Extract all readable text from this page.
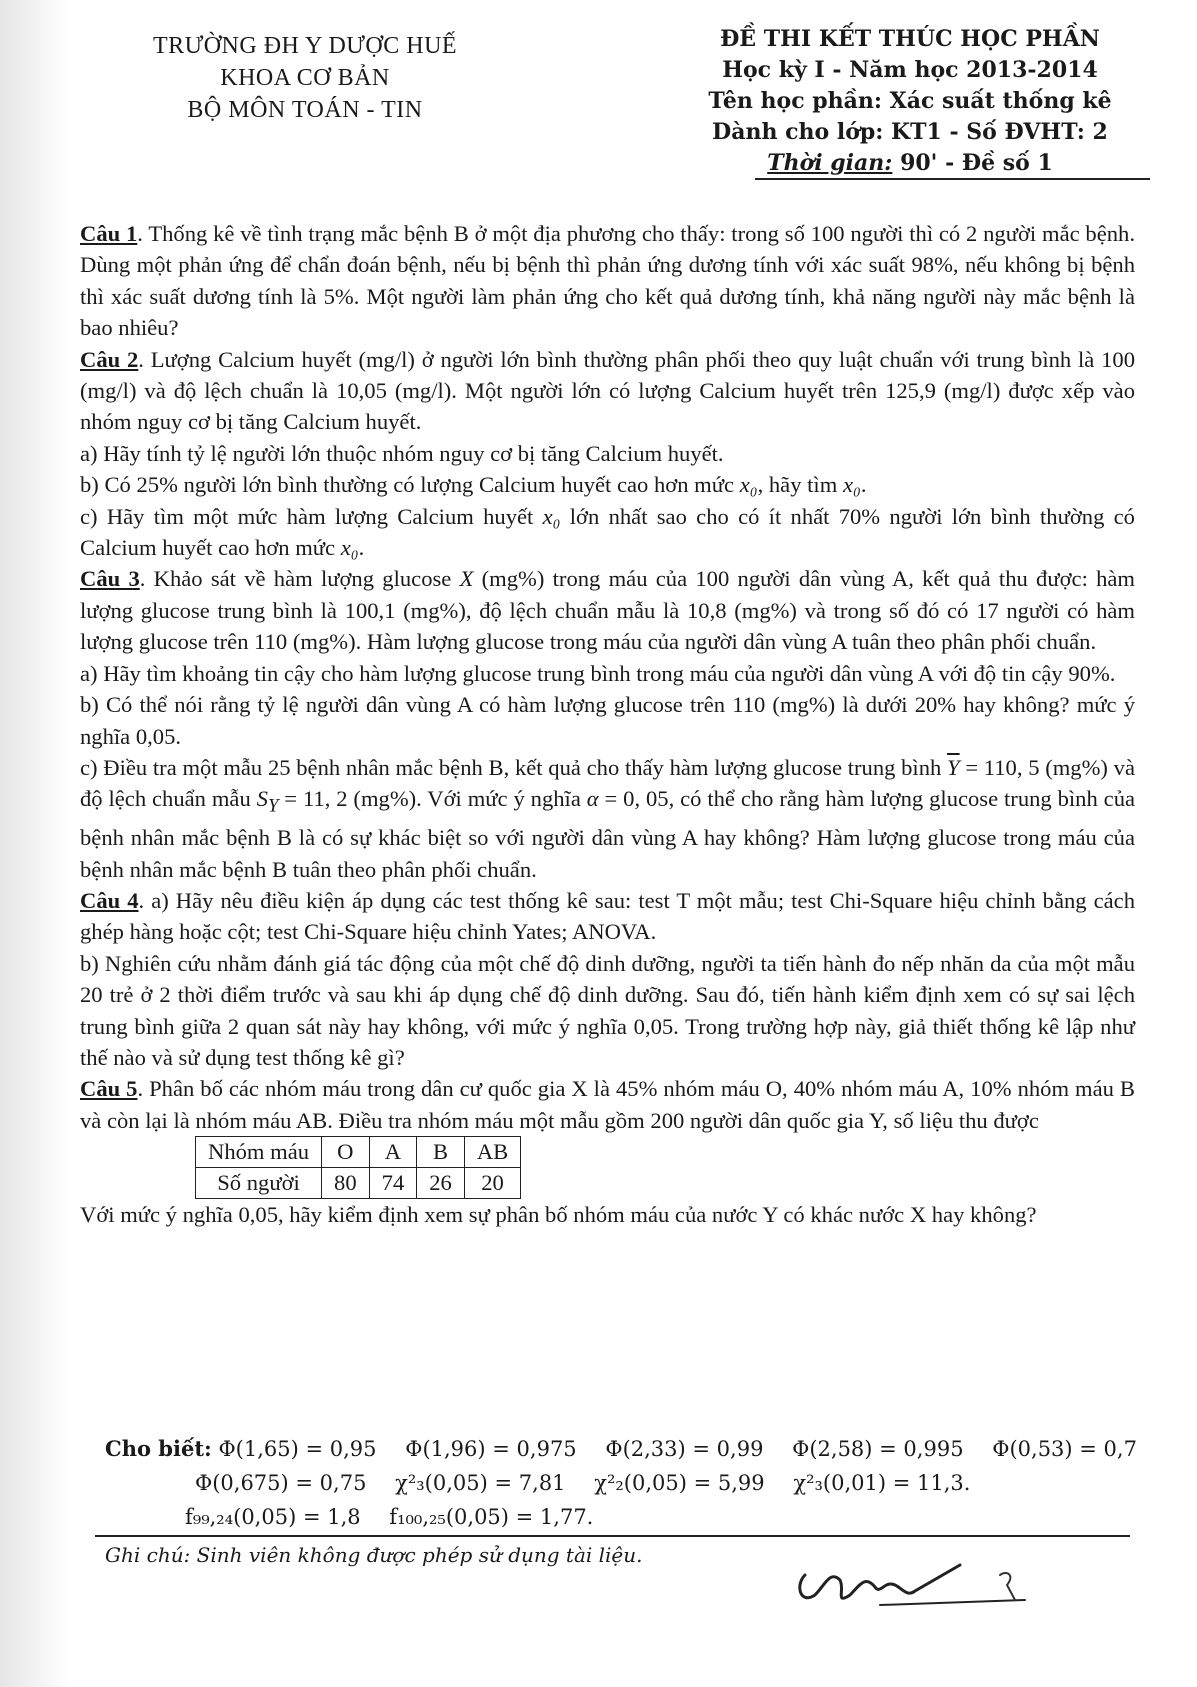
TRƯỜNG ĐH Y DƯỢC HUẾ
KHOA CƠ BẢN
BỘ MÔN TOÁN - TIN
ĐỀ THI KẾT THÚC HỌC PHẦN
Học kỳ I - Năm học 2013-2014
Tên học phần: Xác suất thống kê
Dành cho lớp: KT1 - Số ĐVHT: 2
Thời gian: 90' - Đề số 1

Câu 1. Thống kê về tình trạng mắc bệnh B ở một địa phương cho thấy: trong số 100 người thì có 2 người mắc bệnh. Dùng một phản ứng để chẩn đoán bệnh, nếu bị bệnh thì phản ứng dương tính với xác suất 98%, nếu không bị bệnh thì xác suất dương tính là 5%. Một người làm phản ứng cho kết quả dương tính, khả năng người này mắc bệnh là bao nhiêu?

Câu 2. Lượng Calcium huyết (mg/l) ở người lớn bình thường phân phối theo quy luật chuẩn với trung bình là 100 (mg/l) và độ lệch chuẩn là 10,05 (mg/l). Một người lớn có lượng Calcium huyết trên 125,9 (mg/l) được xếp vào nhóm nguy cơ bị tăng Calcium huyết.

a) Hãy tính tỷ lệ người lớn thuộc nhóm nguy cơ bị tăng Calcium huyết.

b) Có 25% người lớn bình thường có lượng Calcium huyết cao hơn mức x₀, hãy tìm x₀.

c) Hãy tìm một mức hàm lượng Calcium huyết x₀ lớn nhất sao cho có ít nhất 70% người lớn bình thường có Calcium huyết cao hơn mức x₀.

Câu 3. Khảo sát về hàm lượng glucose X (mg%) trong máu của 100 người dân vùng A, kết quả thu được: hàm lượng glucose trung bình là 100,1 (mg%), độ lệch chuẩn mẫu là 10,8 (mg%) và trong số đó có 17 người có hàm lượng glucose trên 110 (mg%). Hàm lượng glucose trong máu của người dân vùng A tuân theo phân phối chuẩn.

a) Hãy tìm khoảng tin cậy cho hàm lượng glucose trung bình trong máu của người dân vùng A với độ tin cậy 90%.

b) Có thể nói rằng tỷ lệ người dân vùng A có hàm lượng glucose trên 110 (mg%) là dưới 20% hay không? mức ý nghĩa 0,05.

c) Điều tra một mẫu 25 bệnh nhân mắc bệnh B, kết quả cho thấy hàm lượng glucose trung bình $\overline{Y} = 110$, 5 (mg%) và độ lệch chuẩn mẫu $S_Y = 11$, 2 (mg%). Với mức ý nghĩa α = 0, 05, có thể cho rằng hàm lượng glucose trung bình của bệnh nhân mắc bệnh B là có sự khác biệt so với người dân vùng A hay không? Hàm lượng glucose trong máu của bệnh nhân mắc bệnh B tuân theo phân phối chuẩn.

Câu 4. a) Hãy nêu điều kiện áp dụng các test thống kê sau: test T một mẫu; test Chi-Square hiệu chỉnh bằng cách ghép hàng hoặc cột; test Chi-Square hiệu chỉnh Yates; ANOVA.

b) Nghiên cứu nhằm đánh giá tác động của một chế độ dinh dưỡng, người ta tiến hành đo nếp nhăn da của một mẫu 20 trẻ ở 2 thời điểm trước và sau khi áp dụng chế độ dinh dưỡng. Sau đó, tiến hành kiểm định xem có sự sai lệch trung bình giữa 2 quan sát này hay không, với mức ý nghĩa 0,05. Trong trường hợp này, giả thiết thống kê lập như thế nào và sử dụng test thống kê gì?

Câu 5. Phân bố các nhóm máu trong dân cư quốc gia X là 45% nhóm máu O, 40% nhóm máu A, 10% nhóm máu B và còn lại là nhóm máu AB. Điều tra nhóm máu một mẫu gồm 200 người dân quốc gia Y, số liệu thu được

Nhóm máu	O	A	B	AB
Số người	80	74	26	20

Với mức ý nghĩa 0,05, hãy kiểm định xem sự phân bố nhóm máu của nước Y có khác nước X hay không?

Cho biết: Φ(1,65) = 0,95 Φ(1,96) = 0,975 Φ(2,33) = 0,99 Φ(2,58) = 0,995 Φ(0,53) = 0,7
Φ(0,675) = 0,75 χ²₃(0,05) = 7,81 χ²₂(0,05) = 5,99 χ²₃(0,01) = 11,3.
f₉₉,₂₄(0,05) = 1,8 f₁₀₀,₂₅(0,05) = 1,77.
Ghi chú: Sinh viên không được phép sử dụng tài liệu.
